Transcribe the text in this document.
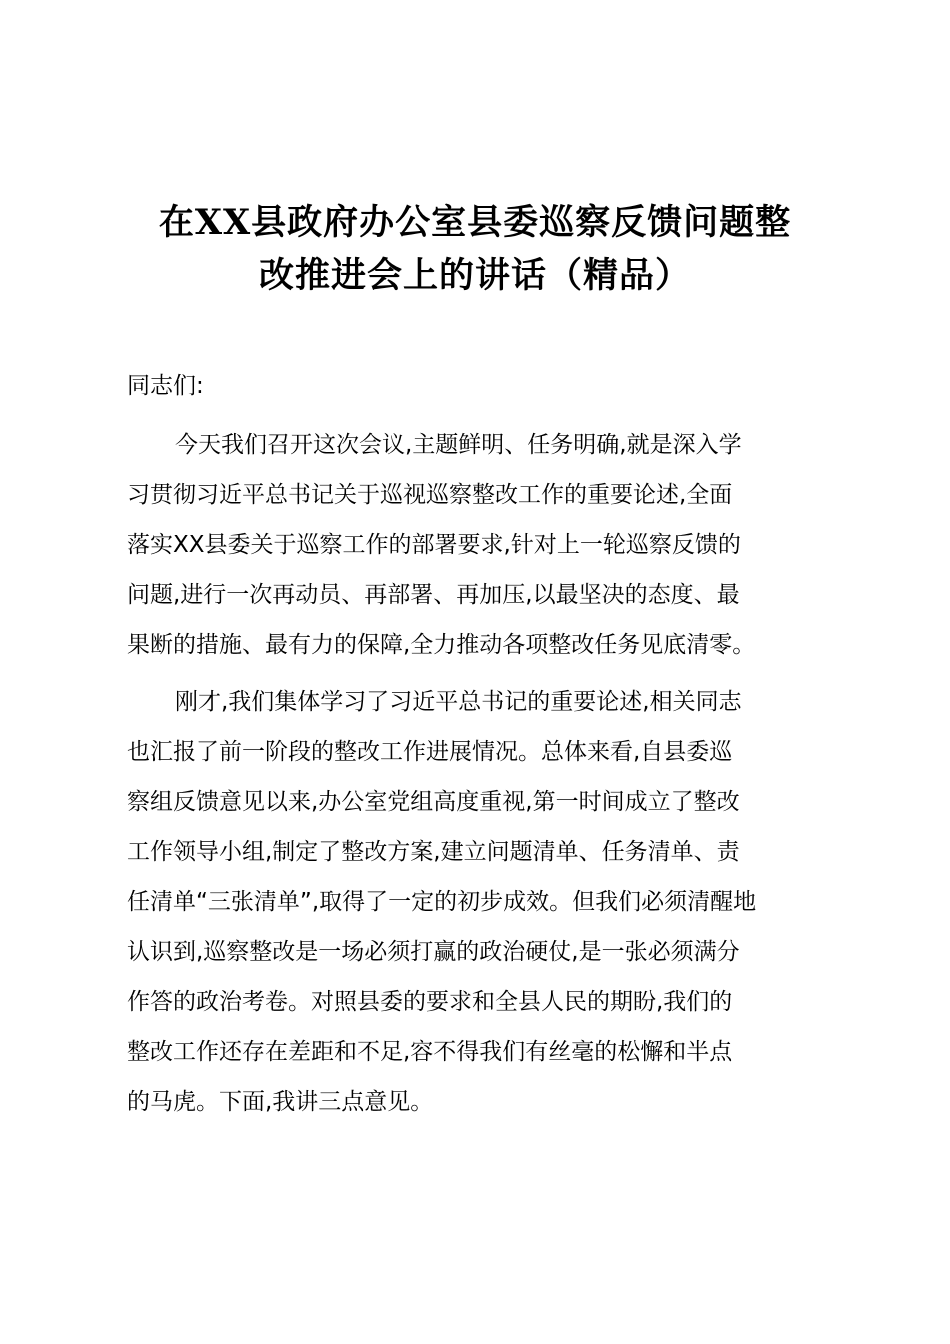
在XX县政府办公室县委巡察反馈问题整
改推进会上的讲话（精品）
同志们:
今天我们召开这次会议,主题鲜明、任务明确,就是深入学
习贯彻习近平总书记关于巡视巡察整改工作的重要论述,全面
落实XX县委关于巡察工作的部署要求,针对上一轮巡察反馈的
问题,进行一次再动员、再部署、再加压,以最坚决的态度、最
果断的措施、最有力的保障,全力推动各项整改任务见底清零。
刚才,我们集体学习了习近平总书记的重要论述,相关同志
也汇报了前一阶段的整改工作进展情况。总体来看,自县委巡
察组反馈意见以来,办公室党组高度重视,第一时间成立了整改
工作领导小组,制定了整改方案,建立问题清单、任务清单、责
任清单“三张清单”,取得了一定的初步成效。但我们必须清醒地
认识到,巡察整改是一场必须打赢的政治硬仗,是一张必须满分
作答的政治考卷。对照县委的要求和全县人民的期盼,我们的
整改工作还存在差距和不足,容不得我们有丝毫的松懈和半点
的马虎。下面,我讲三点意见。
